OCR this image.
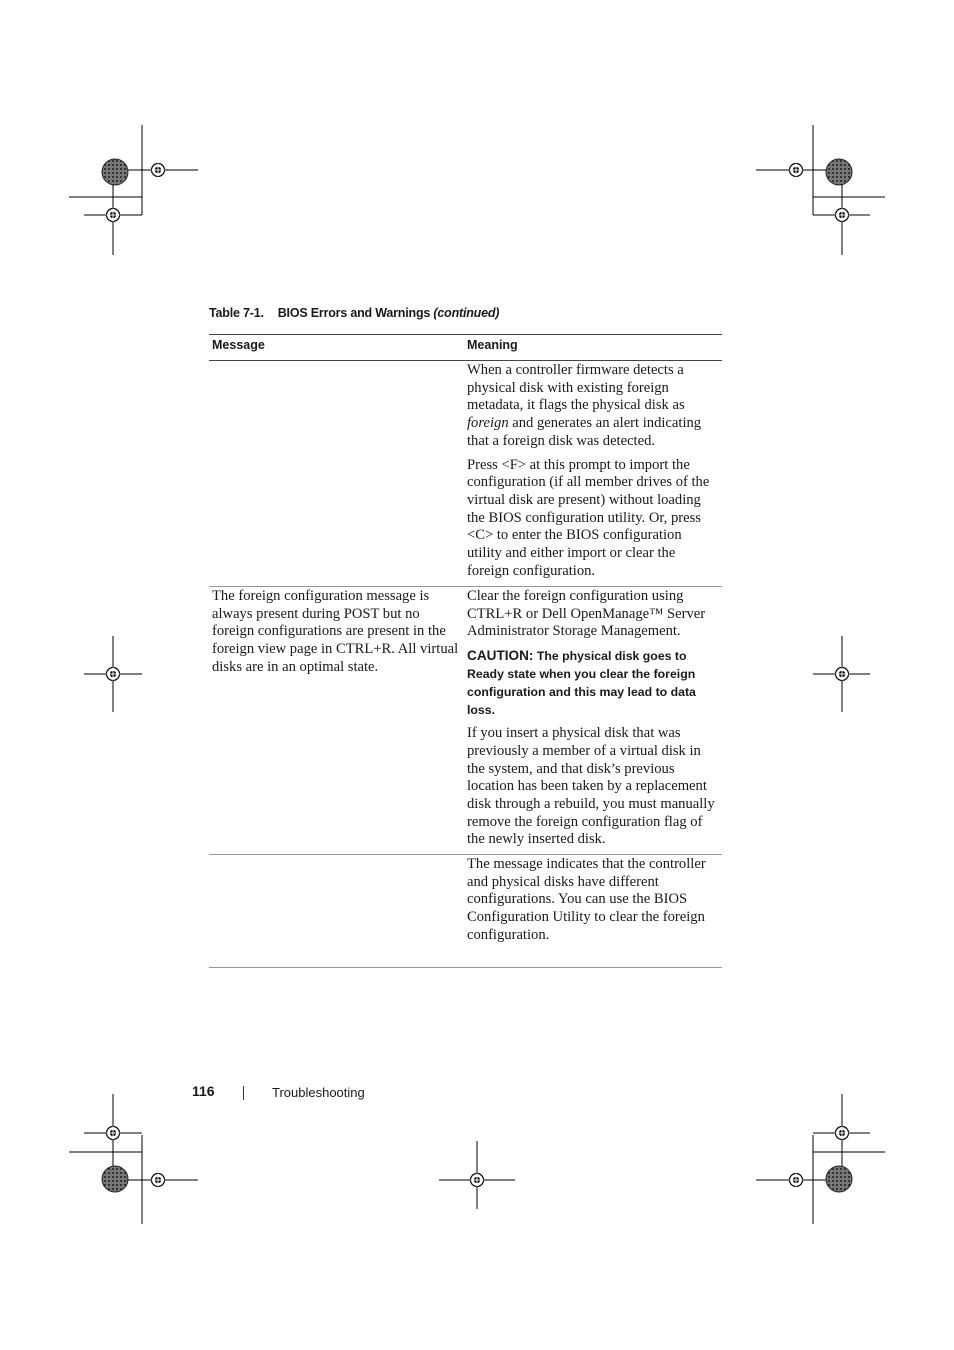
Table 7-1. BIOS Errors and Warnings (continued)
Message	Meaning

When a controller firmware detects a physical disk with existing foreign metadata, it flags the physical disk as foreign and generates an alert indicating that a foreign disk was detected.

Press <F> at this prompt to import the configuration (if all member drives of the virtual disk are present) without loading the BIOS configuration utility. Or, press <C> to enter the BIOS configuration utility and either import or clear the foreign configuration.

The foreign configuration message is always present during POST but no foreign configurations are present in the foreign view page in CTRL+R. All virtual disks are in an optimal state.

Clear the foreign configuration using CTRL+R or Dell OpenManage™ Server Administrator Storage Management.

CAUTION: The physical disk goes to Ready state when you clear the foreign configuration and this may lead to data loss.

If you insert a physical disk that was previously a member of a virtual disk in the system, and that disk’s previous location has been taken by a replacement disk through a rebuild, you must manually remove the foreign configuration flag of the newly inserted disk.

The message indicates that the controller and physical disks have different configurations. You can use the BIOS Configuration Utility to clear the foreign configuration.

116	Troubleshooting
